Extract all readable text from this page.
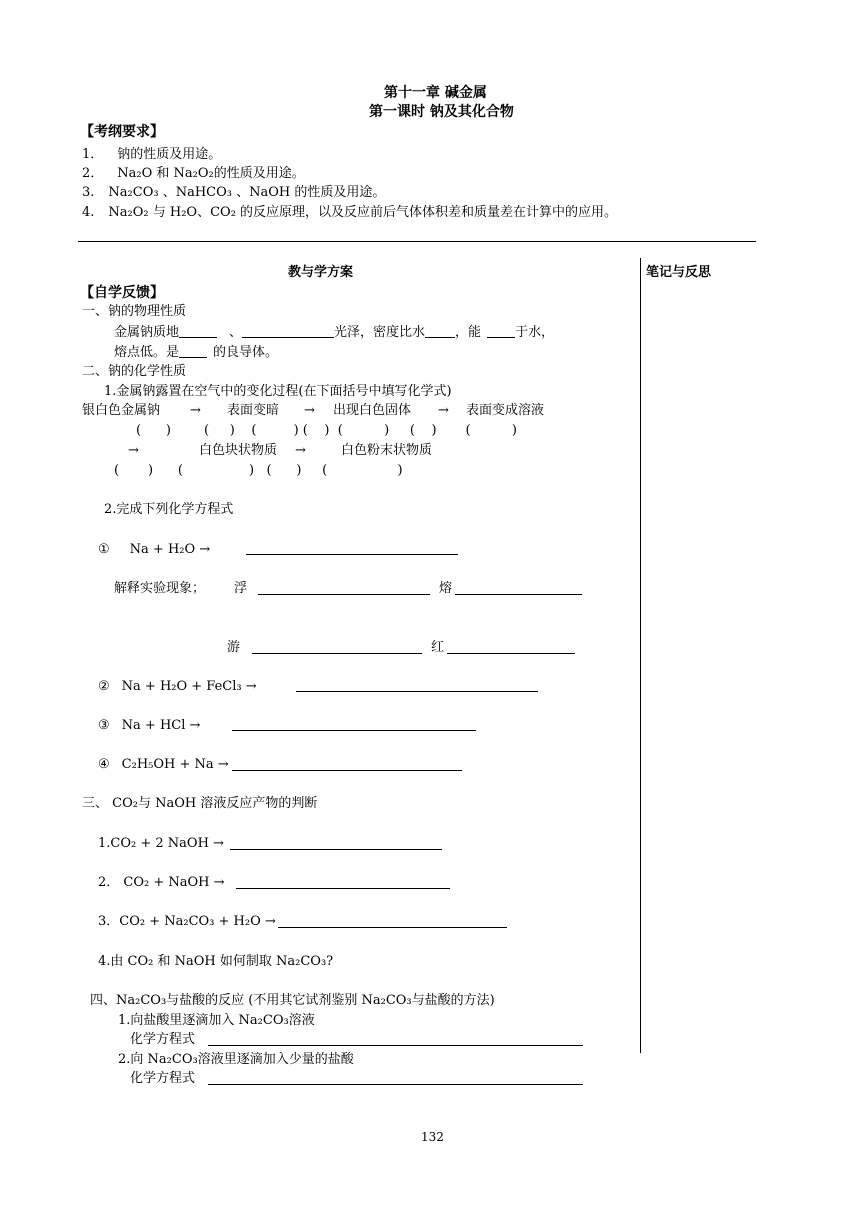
第十一章 碱金属
第一课时 钠及其化合物
【考纲要求】
1． 钠的性质及用途。
2． Na₂O 和 Na₂O₂的性质及用途。
3. Na₂CO₃ 、NaHCO₃ 、NaOH 的性质及用途。
4. Na₂O₂ 与 H₂O、CO₂ 的反应原理，以及反应前后气体体积差和质量差在计算中的应用。
教与学方案	笔记与反思
【自学反馈】
一、钠的物理性质
金属钠质地	、	光泽，密度比水 ，能	于水，
熔点低。是	的良导体。
二、钠的化学性质
1.金属钠露置在空气中的变化过程(在下面括号中填写化学式)
银白色金属钠 → 表面变暗 → 出现白色固体 → 表面变成溶液
(      )        (     )    (         ) (    )  (          )     (    )       (          )
→	白色块状物质 →	白色粉末状物质
(       )      (                )   (      )     (                 )
2.完成下列化学方程式
① Na + H₂O →
解释实验现象； 浮	熔
游	红
② Na + H₂O + FeCl₃ →
③ Na + HCl →
④ C₂H₅OH + Na →
三、 CO₂与 NaOH 溶液反应产物的判断
1.CO₂ + 2 NaOH →
2． CO₂ + NaOH →
3．CO₂ + Na₂CO₃ + H₂O →
4.由 CO₂ 和 NaOH 如何制取 Na₂CO₃?
四、Na₂CO₃与盐酸的反应 (不用其它试剂鉴别 Na₂CO₃与盐酸的方法)
1.向盐酸里逐滴加入 Na₂CO₃溶液
化学方程式
2.向 Na₂CO₃溶液里逐滴加入少量的盐酸
化学方程式
132
